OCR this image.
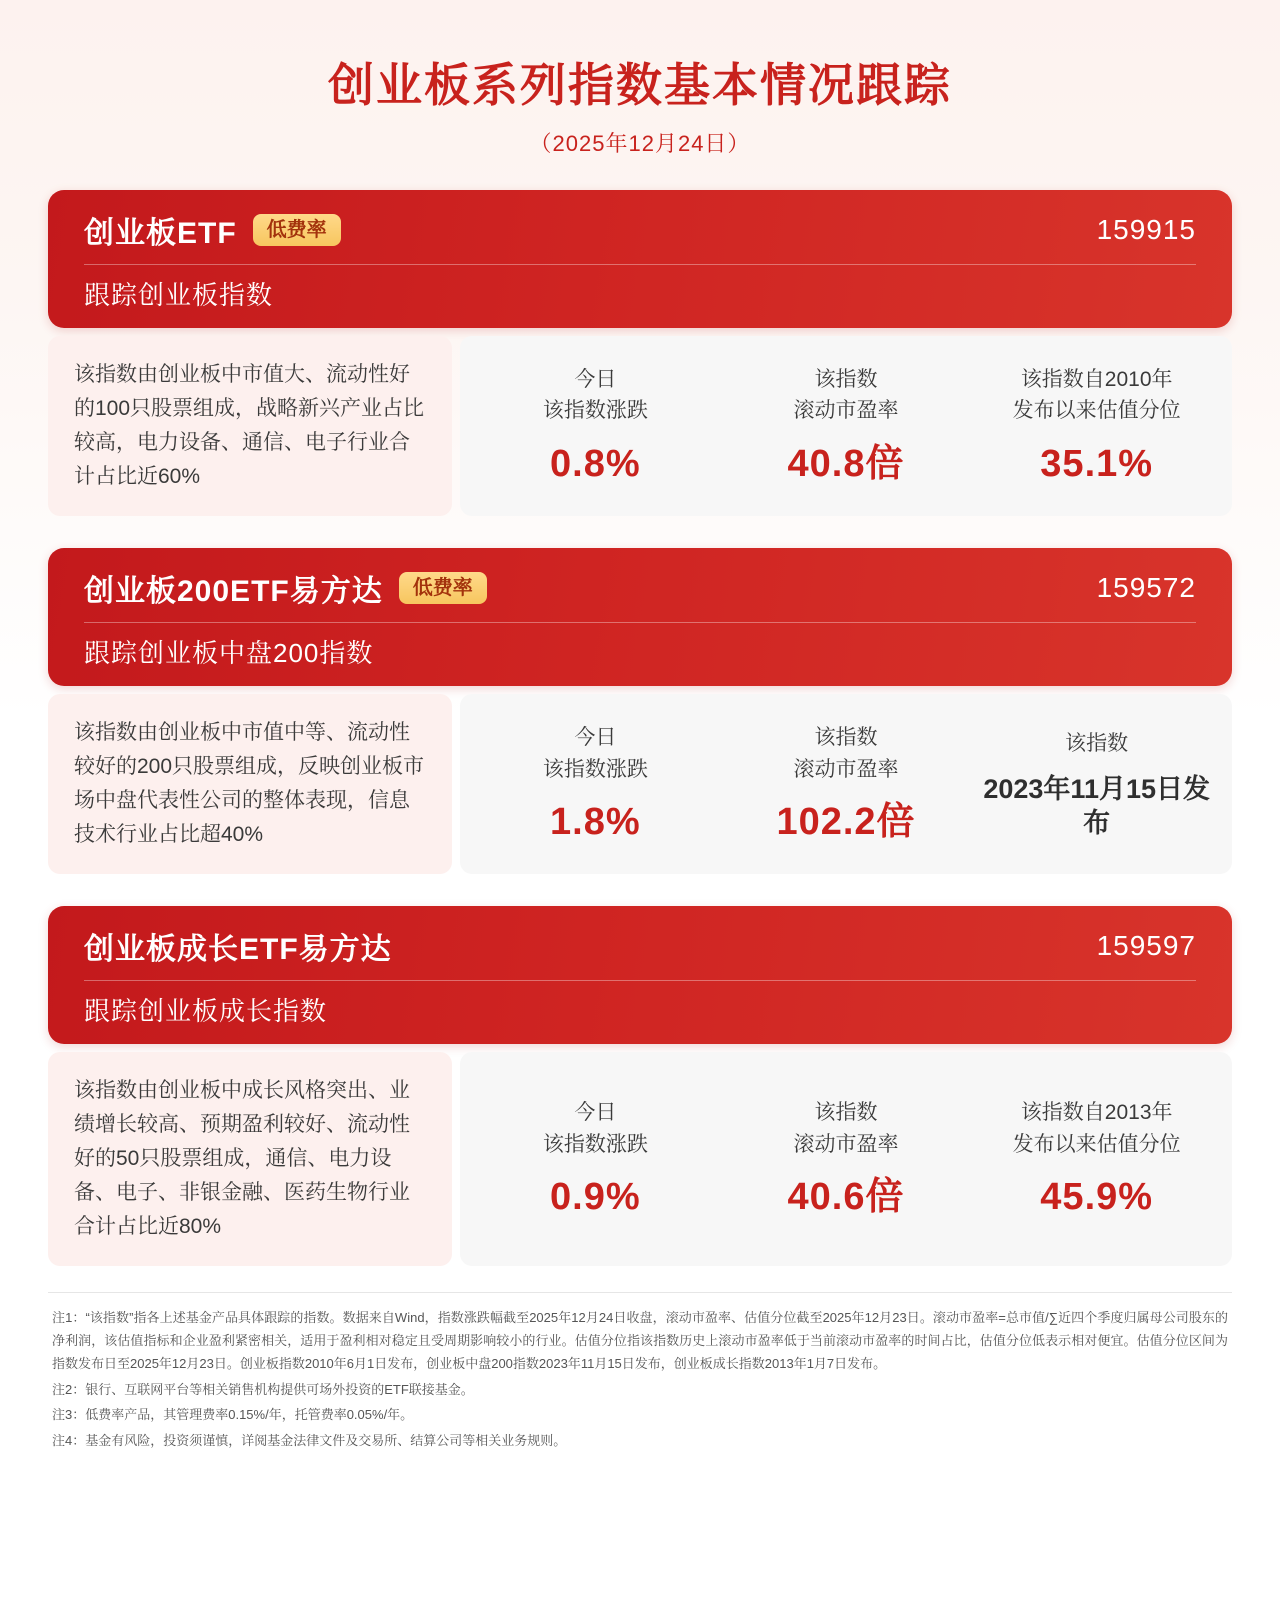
创业板系列指数基本情况跟踪
（2025年12月24日）
创业板ETF	低费率	159915
跟踪创业板指数
该指数由创业板中市值大、流动性好的100只股票组成，战略新兴产业占比较高，电力设备、通信、电子行业合计占比近60%
今日
该指数涨跌
0.8%
该指数
滚动市盈率
40.8倍
该指数自2010年
发布以来估值分位
35.1%
创业板200ETF易方达	低费率	159572
跟踪创业板中盘200指数
该指数由创业板中市值中等、流动性较好的200只股票组成，反映创业板市场中盘代表性公司的整体表现，信息技术行业占比超40%
今日
该指数涨跌
1.8%
该指数
滚动市盈率
102.2倍
该指数
2023年11月15日发布
创业板成长ETF易方达	159597
跟踪创业板成长指数
该指数由创业板中成长风格突出、业绩增长较高、预期盈利较好、流动性好的50只股票组成，通信、电力设备、电子、非银金融、医药生物行业合计占比近80%
今日
该指数涨跌
0.9%
该指数
滚动市盈率
40.6倍
该指数自2013年
发布以来估值分位
45.9%
注1：“该指数”指各上述基金产品具体跟踪的指数。数据来自Wind，指数涨跌幅截至2025年12月24日收盘，滚动市盈率、估值分位截至2025年12月23日。滚动市盈率=总市值/∑近四个季度归属母公司股东的净利润，该估值指标和企业盈利紧密相关，适用于盈利相对稳定且受周期影响较小的行业。估值分位指该指数历史上滚动市盈率低于当前滚动市盈率的时间占比，估值分位低表示相对便宜。估值分位区间为指数发布日至2025年12月23日。创业板指数2010年6月1日发布，创业板中盘200指数2023年11月15日发布，创业板成长指数2013年1月7日发布。
注2：银行、互联网平台等相关销售机构提供可场外投资的ETF联接基金。
注3：低费率产品，其管理费率0.15%/年，托管费率0.05%/年。
注4：基金有风险，投资须谨慎，详阅基金法律文件及交易所、结算公司等相关业务规则。
